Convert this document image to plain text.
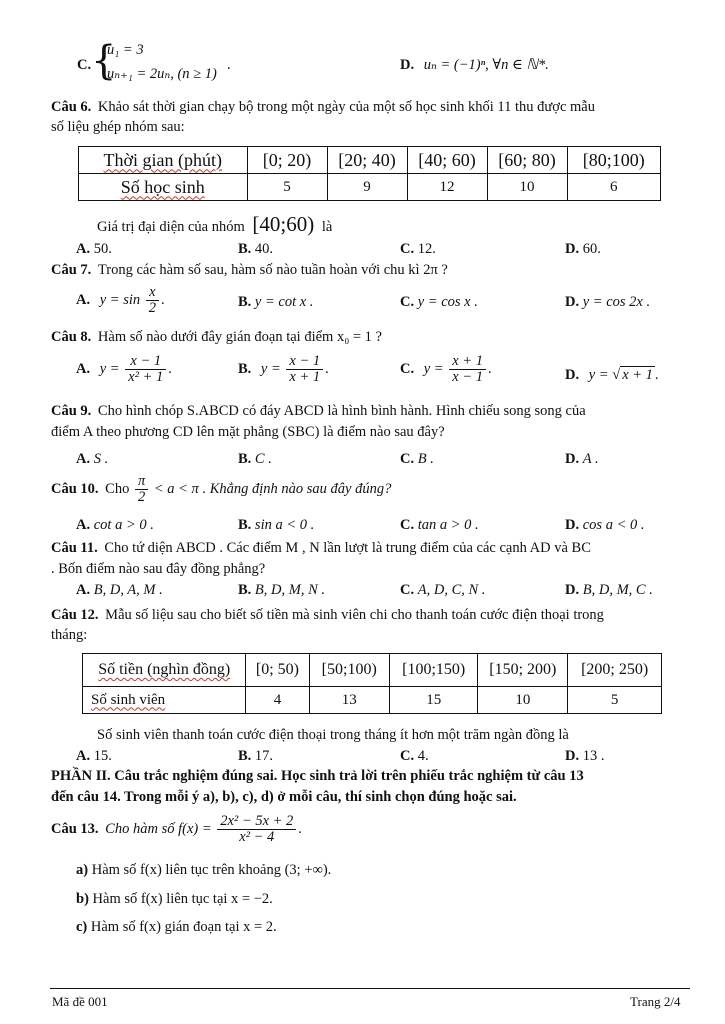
C. {
u₁ = 3
uₙ₊₁ = 2uₙ, (n ≥ 1)
.	D. uₙ = (−1)ⁿ, ∀n ∈ ℕ*.
Câu 6. Khảo sát thời gian chạy bộ trong một ngày của một số học sinh khối 11 thu được mẫu
số liệu ghép nhóm sau:
Thời gian (phút)	[0; 20)	[20; 40)	[40; 60)	[60; 80)	[80;100)
Số học sinh	5	9	12	10	6
Giá trị đại diện của nhóm [40;60) là
A. 50.	B. 40.	C. 12.	D. 60.
Câu 7. Trong các hàm số sau, hàm số nào tuần hoàn với chu kì 2π ?
A. $y = \sin \frac{x}{2}$ .	B. y = cot x .	C. y = cos x .	D. y = cos 2x .
Câu 8. Hàm số nào dưới đây gián đoạn tại điểm x₀ = 1 ?
A. $y = \frac{x - 1}{\text{x² + 1}}$ .	B. $y = \frac{x - 1}{x + 1}$ .	C. $y = \frac{x + 1}{x - 1}$ .	D. y = √ x + 1 .
Câu 9. Cho hình chóp S.ABCD có đáy ABCD là hình bình hành. Hình chiếu song song của
điểm A theo phương CD lên mặt phẳng (SBC) là điểm nào sau đây?
A. S .	B. C .	C. B .	D. A .
Câu 10. Cho $\frac{\pi}{2} < a < \pi$ . Khẳng định nào sau đây đúng?
A. cot a > 0 .	B. sin a < 0 .	C. tan a > 0 .	D. cos a < 0 .
Câu 11. Cho tứ diện ABCD . Các điểm M , N lần lượt là trung điểm của các cạnh AD và BC
. Bốn điểm nào sau đây đồng phẳng?
A. B, D, A, M .	B. B, D, M, N .	C. A, D, C, N .	D. B, D, M, C .
Câu 12. Mẫu số liệu sau cho biết số tiền mà sinh viên chi cho thanh toán cước điện thoại trong
tháng:
Số tiền (nghìn đồng)	[0; 50)	[50;100)	[100;150)	[150; 200)	[200; 250)
Số sinh viên	4	13	15	10	5
Số sinh viên thanh toán cước điện thoại trong tháng ít hơn một trăm ngàn đồng là
A. 15.	B. 17.	C. 4.	D. 13 .
PHẦN II. Câu trắc nghiệm đúng sai. Học sinh trả lời trên phiếu trắc nghiệm từ câu 13
đến câu 14. Trong mỗi ý a), b), c), d) ở mỗi câu, thí sinh chọn đúng hoặc sai.
Câu 13. Cho hàm số $f(x) = \frac{\text{2x² − 5x + 2}}{\text{x² − 4}}$ .
a) Hàm số f(x) liên tục trên khoảng (3; +∞).
b) Hàm số f(x) liên tục tại x = −2.
c) Hàm số f(x) gián đoạn tại x = 2.
Mã đề 001	Trang 2/4
